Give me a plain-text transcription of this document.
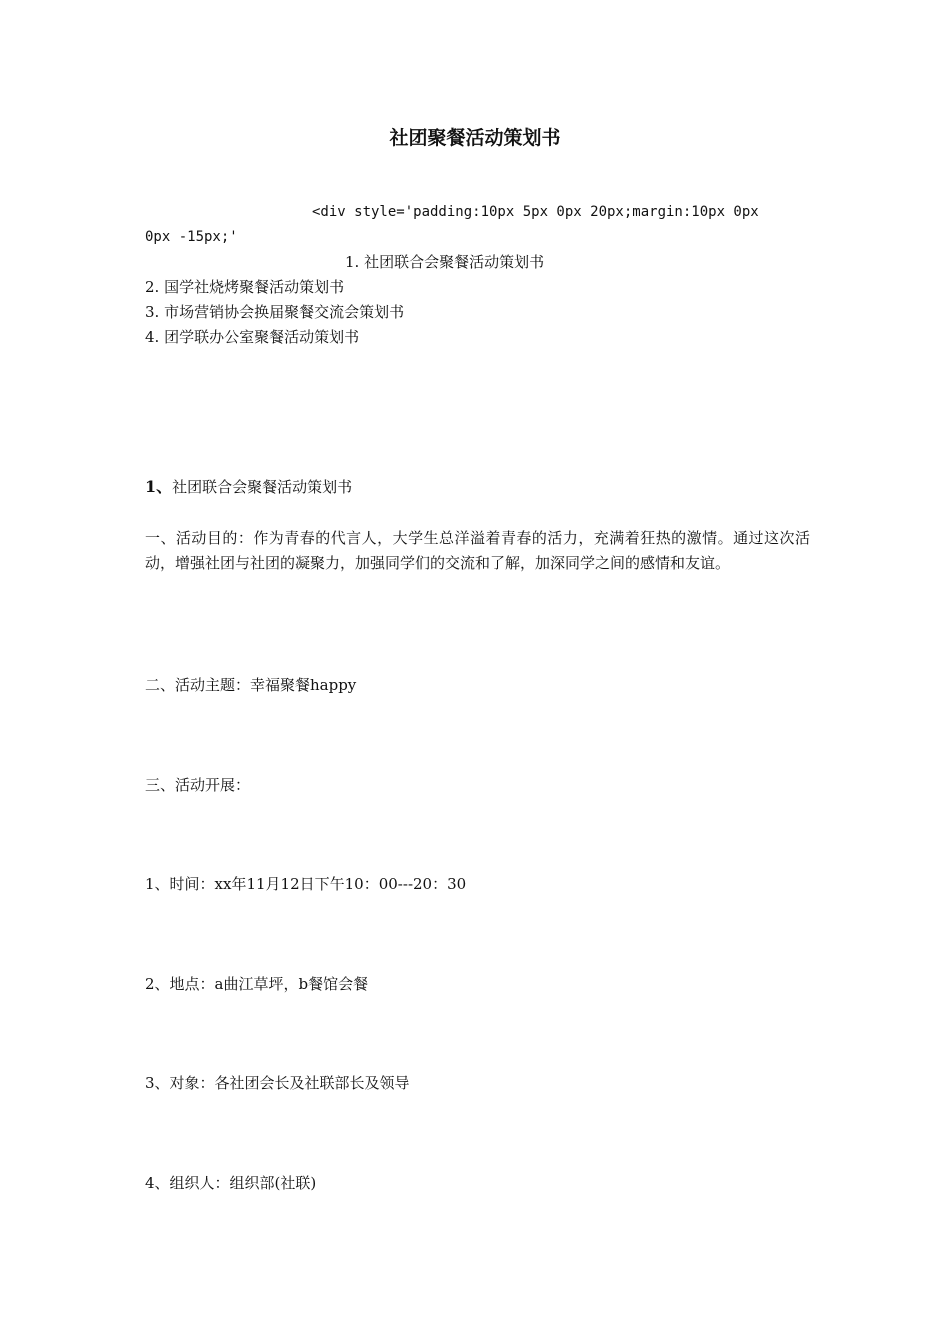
社团聚餐活动策划书
<div style='padding:10px 5px 0px 20px;margin:10px 0px
0px -15px;'
1. 社团联合会聚餐活动策划书
2. 国学社烧烤聚餐活动策划书
3. 市场营销协会换届聚餐交流会策划书
4. 团学联办公室聚餐活动策划书
1、社团联合会聚餐活动策划书
一、活动目的：作为青春的代言人，大学生总洋溢着青春的活力，充满着狂热的激情。通过这次活动，增强社团与社团的凝聚力，加强同学们的交流和了解，加深同学之间的感情和友谊。
二、活动主题：幸福聚餐happy
三、活动开展：
1、时间：xx年11月12日下午10：00---20：30
2、地点：a曲江草坪，b餐馆会餐
3、对象：各社团会长及社联部长及领导
4、组织人：组织部(社联)
